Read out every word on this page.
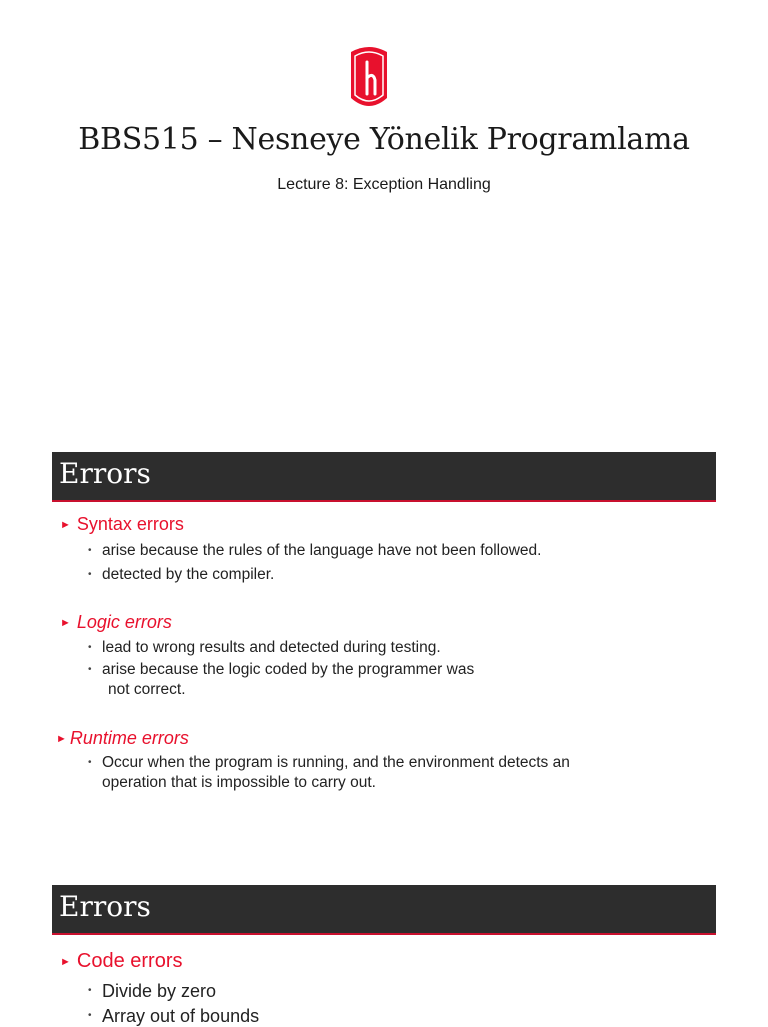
BBS515 – Nesneye Yönelik Programlama
Lecture 8: Exception Handling
Errors
► Syntax errors
• arise because the rules of the language have not been followed.
• detected by the compiler.
► Logic errors
• lead to wrong results and detected during testing.
• arise because the logic coded by the programmer was
not correct.
► Runtime errors
• Occur when the program is running, and the environment detects an
operation that is impossible to carry out.
Errors
► Code errors
• Divide by zero
• Array out of bounds
